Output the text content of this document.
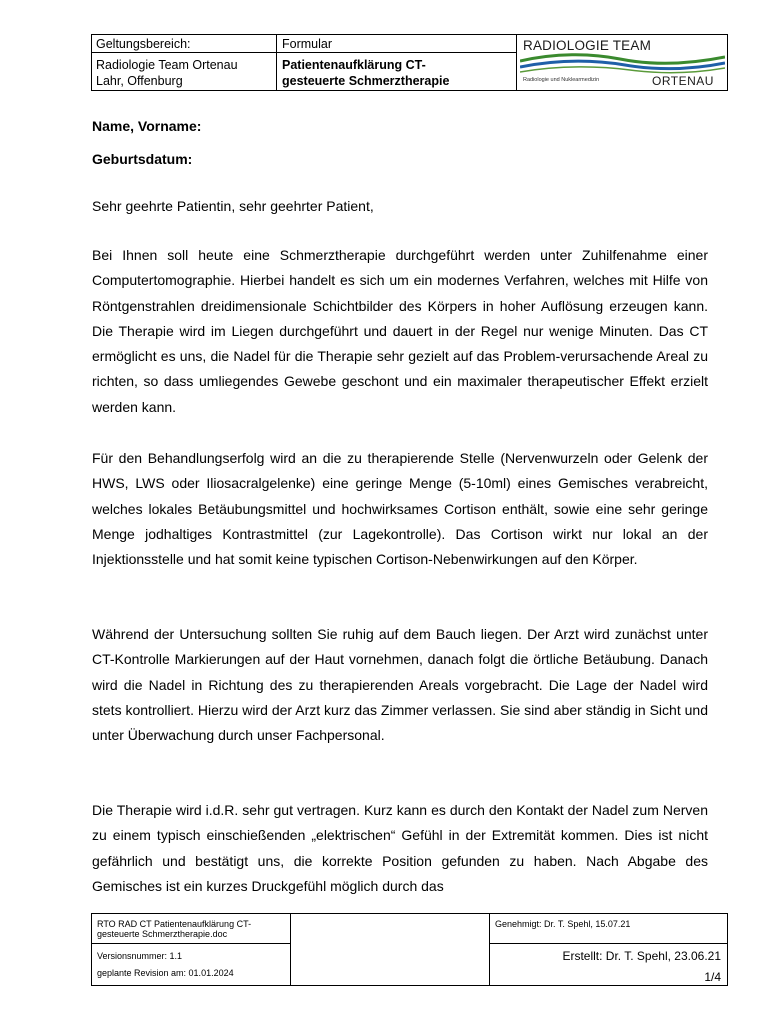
Geltungsbereich:
Radiologie Team Ortenau
Lahr, Offenburg
Formular
Patientenaufklärung CT-
gesteuerte Schmerztherapie
RADIOLOGIE TEAM
Radiologie und Nuklearmedizin	ORTENAU
Name, Vorname:
Geburtsdatum:
Sehr geehrte Patientin, sehr geehrter Patient,

Bei Ihnen soll heute eine Schmerztherapie durchgeführt werden unter Zuhilfenahme einer Computertomographie. Hierbei handelt es sich um ein modernes Verfahren, welches mit Hilfe von Röntgenstrahlen dreidimensionale Schichtbilder des Körpers in hoher Auflösung erzeugen kann. Die Therapie wird im Liegen durchgeführt und dauert in der Regel nur wenige Minuten. Das CT ermöglicht es uns, die Nadel für die Therapie sehr gezielt auf das Problem-verursachende Areal zu richten, so dass umliegendes Gewebe geschont und ein maximaler therapeutischer Effekt erzielt werden kann.

Für den Behandlungserfolg wird an die zu therapierende Stelle (Nervenwurzeln oder Gelenk der HWS, LWS oder Iliosacralgelenke) eine geringe Menge (5-10ml) eines Gemisches verabreicht, welches lokales Betäubungsmittel und hochwirksames Cortison enthält, sowie eine sehr geringe Menge jodhaltiges Kontrastmittel (zur Lagekontrolle). Das Cortison wirkt nur lokal an der Injektionsstelle und hat somit keine typischen Cortison-Nebenwirkungen auf den Körper.

Während der Untersuchung sollten Sie ruhig auf dem Bauch liegen. Der Arzt wird zunächst unter CT-Kontrolle Markierungen auf der Haut vornehmen, danach folgt die örtliche Betäubung. Danach wird die Nadel in Richtung des zu therapierenden Areals vorgebracht. Die Lage der Nadel wird stets kontrolliert. Hierzu wird der Arzt kurz das Zimmer verlassen. Sie sind aber ständig in Sicht und unter Überwachung durch unser Fachpersonal.

Die Therapie wird i.d.R. sehr gut vertragen. Kurz kann es durch den Kontakt der Nadel zum Nerven zu einem typisch einschießenden „elektrischen“ Gefühl in der Extremität kommen. Dies ist nicht gefährlich und bestätigt uns, die korrekte Position gefunden zu haben. Nach Abgabe des Gemisches ist ein kurzes Druckgefühl möglich durch das

RTO RAD CT Patientenaufklärung CT-
gesteuerte Schmerztherapie.doc
Versionsnummer: 1.1
geplante Revision am: 01.01.2024
Genehmigt: Dr. T. Spehl, 15.07.21
Erstellt: Dr. T. Spehl, 23.06.21
1/4
